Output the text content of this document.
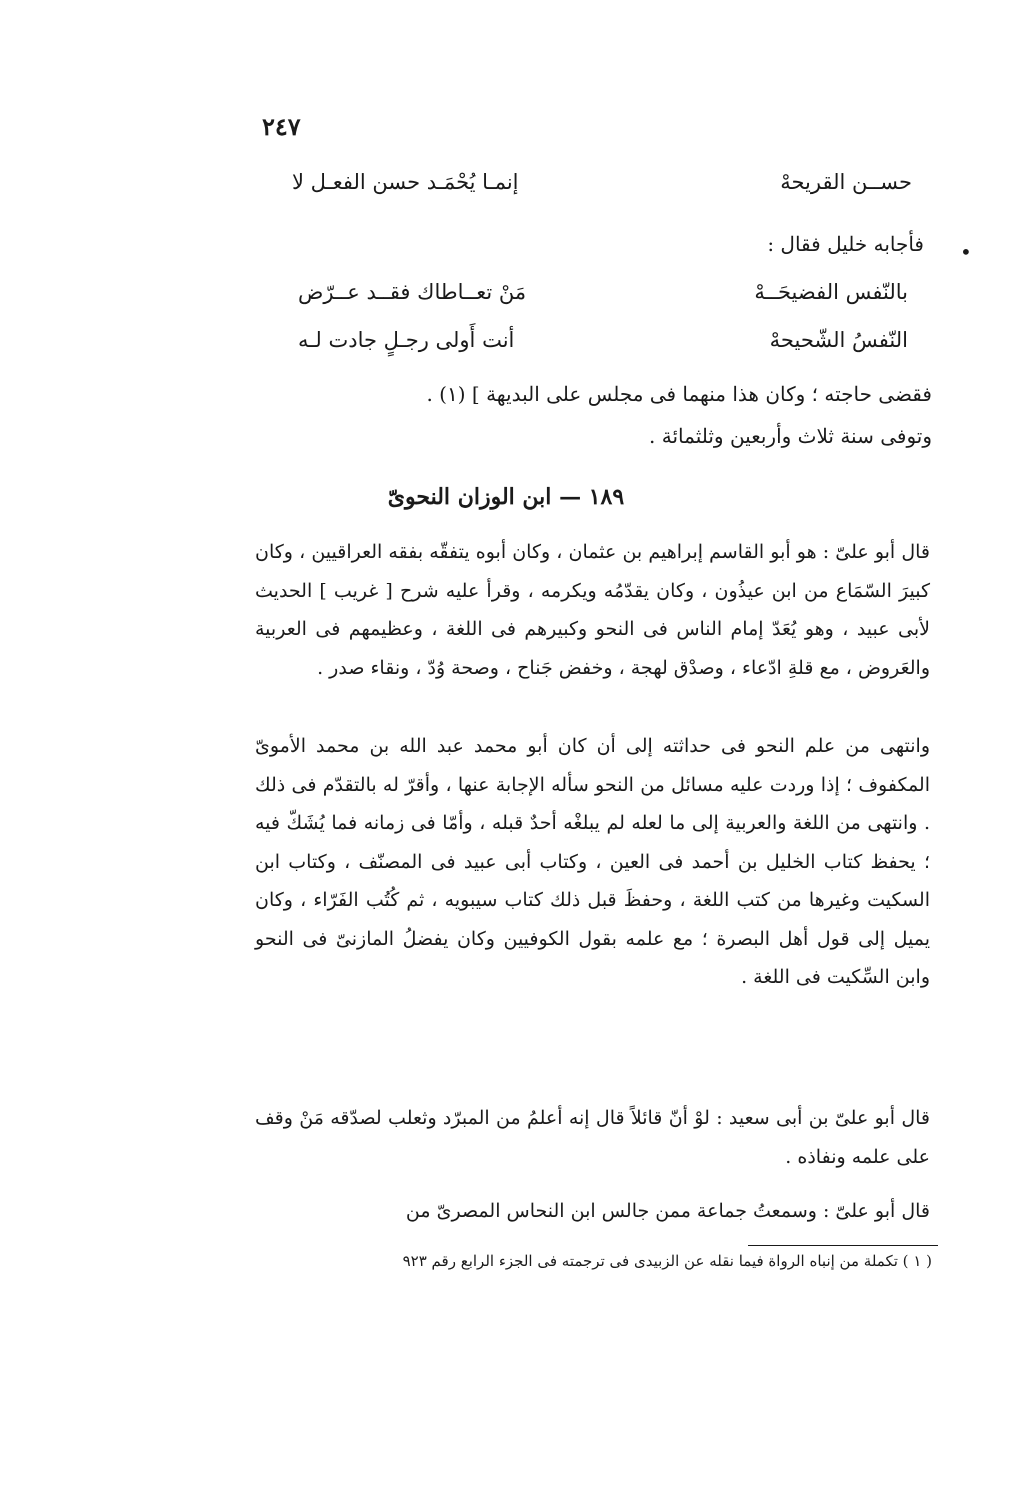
٢٤٧
إنمـا يُحْمَـد حسن الفعـل لا	حســن القريحهْ
•
فأجابه خليل فقال :
مَنْ تعــاطاك فقــد عــرّض	بالنّفس الفضيحَــهْ
أنت أَولى رجـلٍ جادت لـه	النّفسُ الشّحيحهْ
فقضى حاجته ؛ وكان هذا منهما فى مجلس على البديهة ] (١) .
وتوفى سنة ثلاث وأربعين وثلثمائة .
١٨٩ — ابن الوزان النحوىّ
قال أبو علىّ : هو أبو القاسم إبراهيم بن عثمان ، وكان أبوه يتفقّه بفقه العراقيين ، وكان كبيرَ السّمَاع من ابن عيذُون ، وكان يقدّمُه ويكرمه ، وقرأ عليه شرح [ غريب ] الحديث لأبى عبيد ، وهو يُعَدّ إمام الناس فى النحو وكبيرهم فى اللغة ، وعظيمهم فى العربية والعَروض ، مع قلةِ ادّعاء ، وصدْق لهجة ، وخفض جَناح ، وصحة وُدّ ، ونقاء صدر .
وانتهى من علم النحو فى حداثته إلى أن كان أبو محمد عبد الله بن محمد الأموىّ المكفوف ؛ إذا وردت عليه مسائل من النحو سأله الإجابة عنها ، وأقرّ له بالتقدّم فى ذلك . وانتهى من اللغة والعربية إلى ما لعله لم يبلغْه أحدٌ قبله ، وأمّا فى زمانه فما يُشَكّ فيه ؛ يحفظ كتاب الخليل بن أحمد فى العين ، وكتاب أبى عبيد فى المصنّف ، وكتاب ابن السكيت وغيرها من كتب اللغة ، وحفظَ قبل ذلك كتاب سيبويه ، ثم كُتُب الفَرّاء ، وكان يميل إلى قول أهل البصرة ؛ مع علمه بقول الكوفيين وكان يفضلُ المازنىّ فى النحو وابن السِّكيت فى اللغة .
قال أبو علىّ بن أبى سعيد : لوْ أنّ قائلاً قال إنه أعلمُ من المبرّد وثعلب لصدّقه مَنْ وقف على علمه ونفاذه .
قال أبو علىّ : وسمعتُ جماعة ممن جالس ابن النحاس المصرىّ من
( ١ ) تكملة من إنباه الرواة فيما نقله عن الزبيدى فى ترجمته فى الجزء الرابع رقم ٩٢٣
